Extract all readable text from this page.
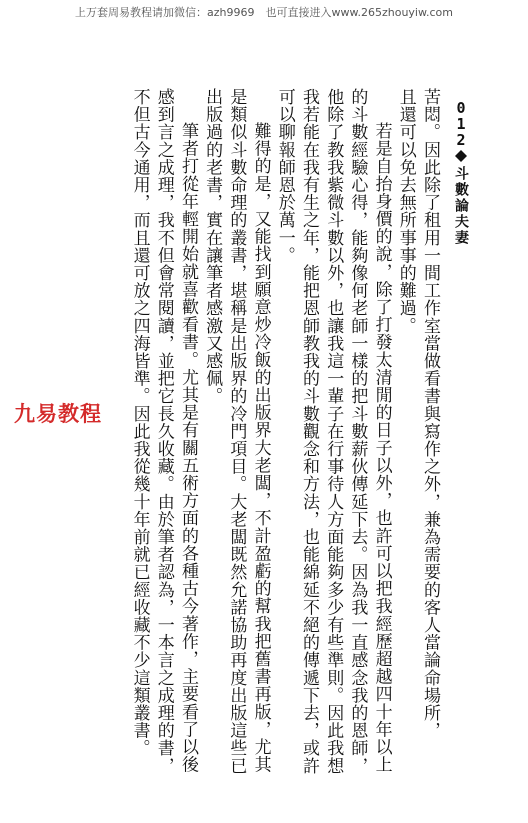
上万套周易教程请加微信：azh9969　也可直接进入www.265zhouyiw.com
0
1
2
斗數論夫妻

苦悶。因此除了租用一間工作室當做看書與寫作之外，兼為需要的客人當論命場所，

且還可以免去無所事事的難過。

若是自抬身價的說，除了打發太清閒的日子以外，也許可以把我經歷超越四十年以上的斗數經驗心得，能夠像何老師一樣的把斗數薪伙傳延下去。因為我一直感念我的恩師，他除了教我紫微斗數以外，也讓我這一輩子在行事待人方面能夠多少有些準則。因此我想我若能在我有生之年，能把恩師教我的斗數觀念和方法，也能綿延不絕的傳遞下去，或許可以聊報師恩於萬一。

難得的是，又能找到願意炒冷飯的出版界大老闆，不計盈虧的幫我把舊書再版，尤其是類似斗數命理的叢書，堪稱是出版界的冷門項目。大老闆既然允諾協助再度出版這些已出版過的老書，實在讓筆者感激又感佩。

筆者打從年輕開始就喜歡看書。尤其是有關五術方面的各種古今著作，主要看了以後感到言之成理，我不但會常閱讀，並把它長久收藏。由於筆者認為，一本言之成理的書，不但古今通用，而且還可放之四海皆準。因此我從幾十年前就已經收藏不少這類叢書。

九易教程
